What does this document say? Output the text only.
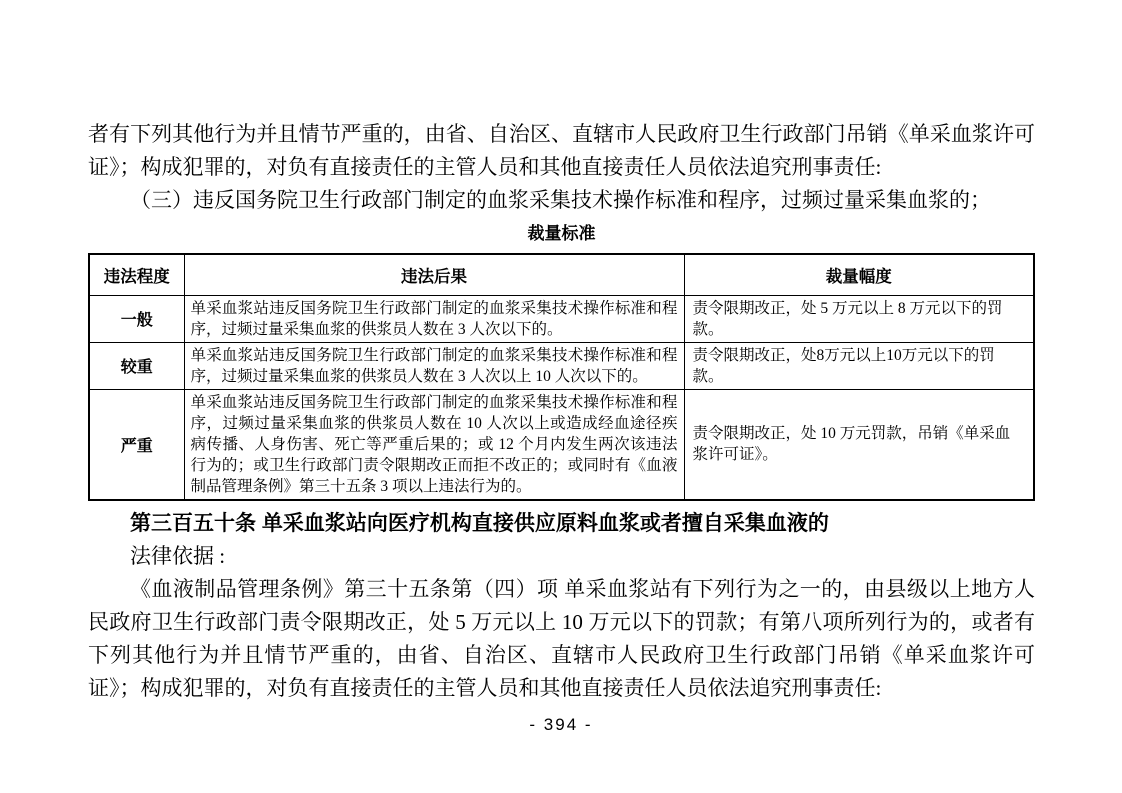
者有下列其他行为并且情节严重的，由省、自治区、直辖市人民政府卫生行政部门吊销《单采血浆许可证》；构成犯罪的，对负有直接责任的主管人员和其他直接责任人员依法追究刑事责任:

（三）违反国务院卫生行政部门制定的血浆采集技术操作标准和程序，过频过量采集血浆的；

裁量标准
违法程度	违法后果	裁量幅度
一般	单采血浆站违反国务院卫生行政部门制定的血浆采集技术操作标准和程序，过频过量采集血浆的供浆员人数在 3 人次以下的。	责令限期改正，处 5 万元以上 8 万元以下的罚款。
较重	单采血浆站违反国务院卫生行政部门制定的血浆采集技术操作标准和程序，过频过量采集血浆的供浆员人数在 3 人次以上 10 人次以下的。	责令限期改正，处8万元以上10万元以下的罚款。
严重	单采血浆站违反国务院卫生行政部门制定的血浆采集技术操作标准和程序，过频过量采集血浆的供浆员人数在 10 人次以上或造成经血途径疾病传播、人身伤害、死亡等严重后果的；或 12 个月内发生两次该违法行为的；或卫生行政部门责令限期改正而拒不改正的；或同时有《血液制品管理条例》第三十五条 3 项以上违法行为的。	责令限期改正，处 10 万元罚款，吊销《单采血浆许可证》。

第三百五十条 单采血浆站向医疗机构直接供应原料血浆或者擅自采集血液的

法律依据 :

《血液制品管理条例》第三十五条第（四）项 单采血浆站有下列行为之一的，由县级以上地方人民政府卫生行政部门责令限期改正，处 5 万元以上 10 万元以下的罚款；有第八项所列行为的，或者有下列其他行为并且情节严重的，由省、自治区、直辖市人民政府卫生行政部门吊销《单采血浆许可证》；构成犯罪的，对负有直接责任的主管人员和其他直接责任人员依法追究刑事责任:

- 394 -
